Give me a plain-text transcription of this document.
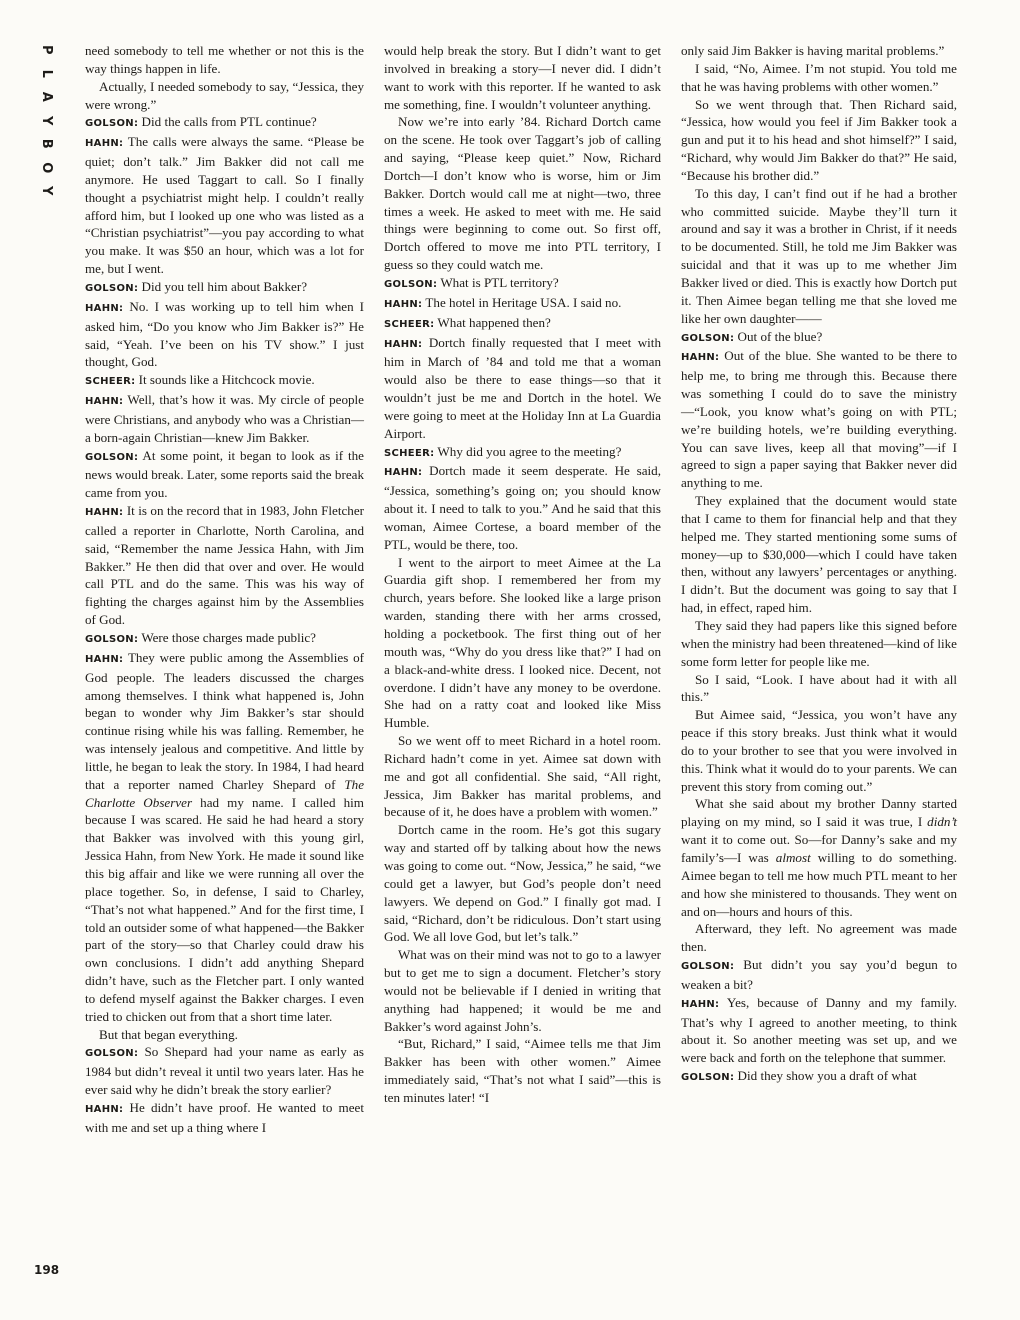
P
L
A
Y
B
O
Y

need somebody to tell me whether or not this is the way things happen in life.

Actually, I needed somebody to say, “Jessica, they were wrong.”

GOLSON: Did the calls from PTL continue?

HAHN: The calls were always the same. “Please be quiet; don’t talk.” Jim Bakker did not call me anymore. He used Taggart to call. So I finally thought a psychiatrist might help. I couldn’t really afford him, but I looked up one who was listed as a “Christian psychiatrist”—you pay according to what you make. It was $50 an hour, which was a lot for me, but I went.

GOLSON: Did you tell him about Bakker?

HAHN: No. I was working up to tell him when I asked him, “Do you know who Jim Bakker is?” He said, “Yeah. I’ve been on his TV show.” I just thought, God.

SCHEER: It sounds like a Hitchcock movie.

HAHN: Well, that’s how it was. My circle of people were Christians, and anybody who was a Christian—a born-again Christian—knew Jim Bakker.

GOLSON: At some point, it began to look as if the news would break. Later, some reports said the break came from you.

HAHN: It is on the record that in 1983, John Fletcher called a reporter in Charlotte, North Carolina, and said, “Remember the name Jessica Hahn, with Jim Bakker.” He then did that over and over. He would call PTL and do the same. This was his way of fighting the charges against him by the Assemblies of God.

GOLSON: Were those charges made public?

HAHN: They were public among the Assemblies of God people. The leaders discussed the charges among themselves. I think what happened is, John began to wonder why Jim Bakker’s star should continue rising while his was falling. Remember, he was intensely jealous and competitive. And little by little, he began to leak the story. In 1984, I had heard that a reporter named Charley Shepard of The Charlotte Observer had my name. I called him because I was scared. He said he had heard a story that Bakker was involved with this young girl, Jessica Hahn, from New York. He made it sound like this big affair and like we were running all over the place together. So, in defense, I said to Charley, “That’s not what happened.” And for the first time, I told an outsider some of what happened—the Bakker part of the story—so that Charley could draw his own conclusions. I didn’t add anything Shepard didn’t have, such as the Fletcher part. I only wanted to defend myself against the Bakker charges. I even tried to chicken out from that a short time later.

But that began everything.

GOLSON: So Shepard had your name as early as 1984 but didn’t reveal it until two years later. Has he ever said why he didn’t break the story earlier?

HAHN: He didn’t have proof. He wanted to meet with me and set up a thing where I

would help break the story. But I didn’t want to get involved in breaking a story—I never did. I didn’t want to work with this reporter. If he wanted to ask me something, fine. I wouldn’t volunteer anything.

Now we’re into early ’84. Richard Dortch came on the scene. He took over Taggart’s job of calling and saying, “Please keep quiet.” Now, Richard Dortch—I don’t know who is worse, him or Jim Bakker. Dortch would call me at night—two, three times a week. He asked to meet with me. He said things were beginning to come out. So first off, Dortch offered to move me into PTL territory, I guess so they could watch me.

GOLSON: What is PTL territory?

HAHN: The hotel in Heritage USA. I said no.

SCHEER: What happened then?

HAHN: Dortch finally requested that I meet with him in March of ’84 and told me that a woman would also be there to ease things—so that it wouldn’t just be me and Dortch in the hotel. We were going to meet at the Holiday Inn at La Guardia Airport.

SCHEER: Why did you agree to the meeting?

HAHN: Dortch made it seem desperate. He said, “Jessica, something’s going on; you should know about it. I need to talk to you.” And he said that this woman, Aimee Cortese, a board member of the PTL, would be there, too.

I went to the airport to meet Aimee at the La Guardia gift shop. I remembered her from my church, years before. She looked like a large prison warden, standing there with her arms crossed, holding a pocketbook. The first thing out of her mouth was, “Why do you dress like that?” I had on a black-and-white dress. I looked nice. Decent, not overdone. I didn’t have any money to be overdone. She had on a ratty coat and looked like Miss Humble.

So we went off to meet Richard in a hotel room. Richard hadn’t come in yet. Aimee sat down with me and got all confidential. She said, “All right, Jessica, Jim Bakker has marital problems, and because of it, he does have a problem with women.”

Dortch came in the room. He’s got this sugary way and started off by talking about how the news was going to come out. “Now, Jessica,” he said, “we could get a lawyer, but God’s people don’t need lawyers. We depend on God.” I finally got mad. I said, “Richard, don’t be ridiculous. Don’t start using God. We all love God, but let’s talk.”

What was on their mind was not to go to a lawyer but to get me to sign a document. Fletcher’s story would not be believable if I denied in writing that anything had happened; it would be me and Bakker’s word against John’s.

“But, Richard,” I said, “Aimee tells me that Jim Bakker has been with other women.” Aimee immediately said, “That’s not what I said”—this is ten minutes later! “I

only said Jim Bakker is having marital problems.”

I said, “No, Aimee. I’m not stupid. You told me that he was having problems with other women.”

So we went through that. Then Richard said, “Jessica, how would you feel if Jim Bakker took a gun and put it to his head and shot himself?” I said, “Richard, why would Jim Bakker do that?” He said, “Because his brother did.”

To this day, I can’t find out if he had a brother who committed suicide. Maybe they’ll turn it around and say it was a brother in Christ, if it needs to be documented. Still, he told me Jim Bakker was suicidal and that it was up to me whether Jim Bakker lived or died. This is exactly how Dortch put it. Then Aimee began telling me that she loved me like her own daughter——

GOLSON: Out of the blue?

HAHN: Out of the blue. She wanted to be there to help me, to bring me through this. Because there was something I could do to save the ministry—“Look, you know what’s going on with PTL; we’re building hotels, we’re building everything. You can save lives, keep all that moving”—if I agreed to sign a paper saying that Bakker never did anything to me.

They explained that the document would state that I came to them for financial help and that they helped me. They started mentioning some sums of money—up to $30,000—which I could have taken then, without any lawyers’ percentages or anything. I didn’t. But the document was going to say that I had, in effect, raped him.

They said they had papers like this signed before when the ministry had been threatened—kind of like some form letter for people like me.

So I said, “Look. I have about had it with all this.”

But Aimee said, “Jessica, you won’t have any peace if this story breaks. Just think what it would do to your brother to see that you were involved in this. Think what it would do to your parents. We can prevent this story from coming out.”

What she said about my brother Danny started playing on my mind, so I said it was true, I didn’t want it to come out. So—for Danny’s sake and my family’s—I was almost willing to do something. Aimee began to tell me how much PTL meant to her and how she ministered to thousands. They went on and on—hours and hours of this.

Afterward, they left. No agreement was made then.

GOLSON: But didn’t you say you’d begun to weaken a bit?

HAHN: Yes, because of Danny and my family. That’s why I agreed to another meeting, to think about it. So another meeting was set up, and we were back and forth on the telephone that summer.

GOLSON: Did they show you a draft of what

198
